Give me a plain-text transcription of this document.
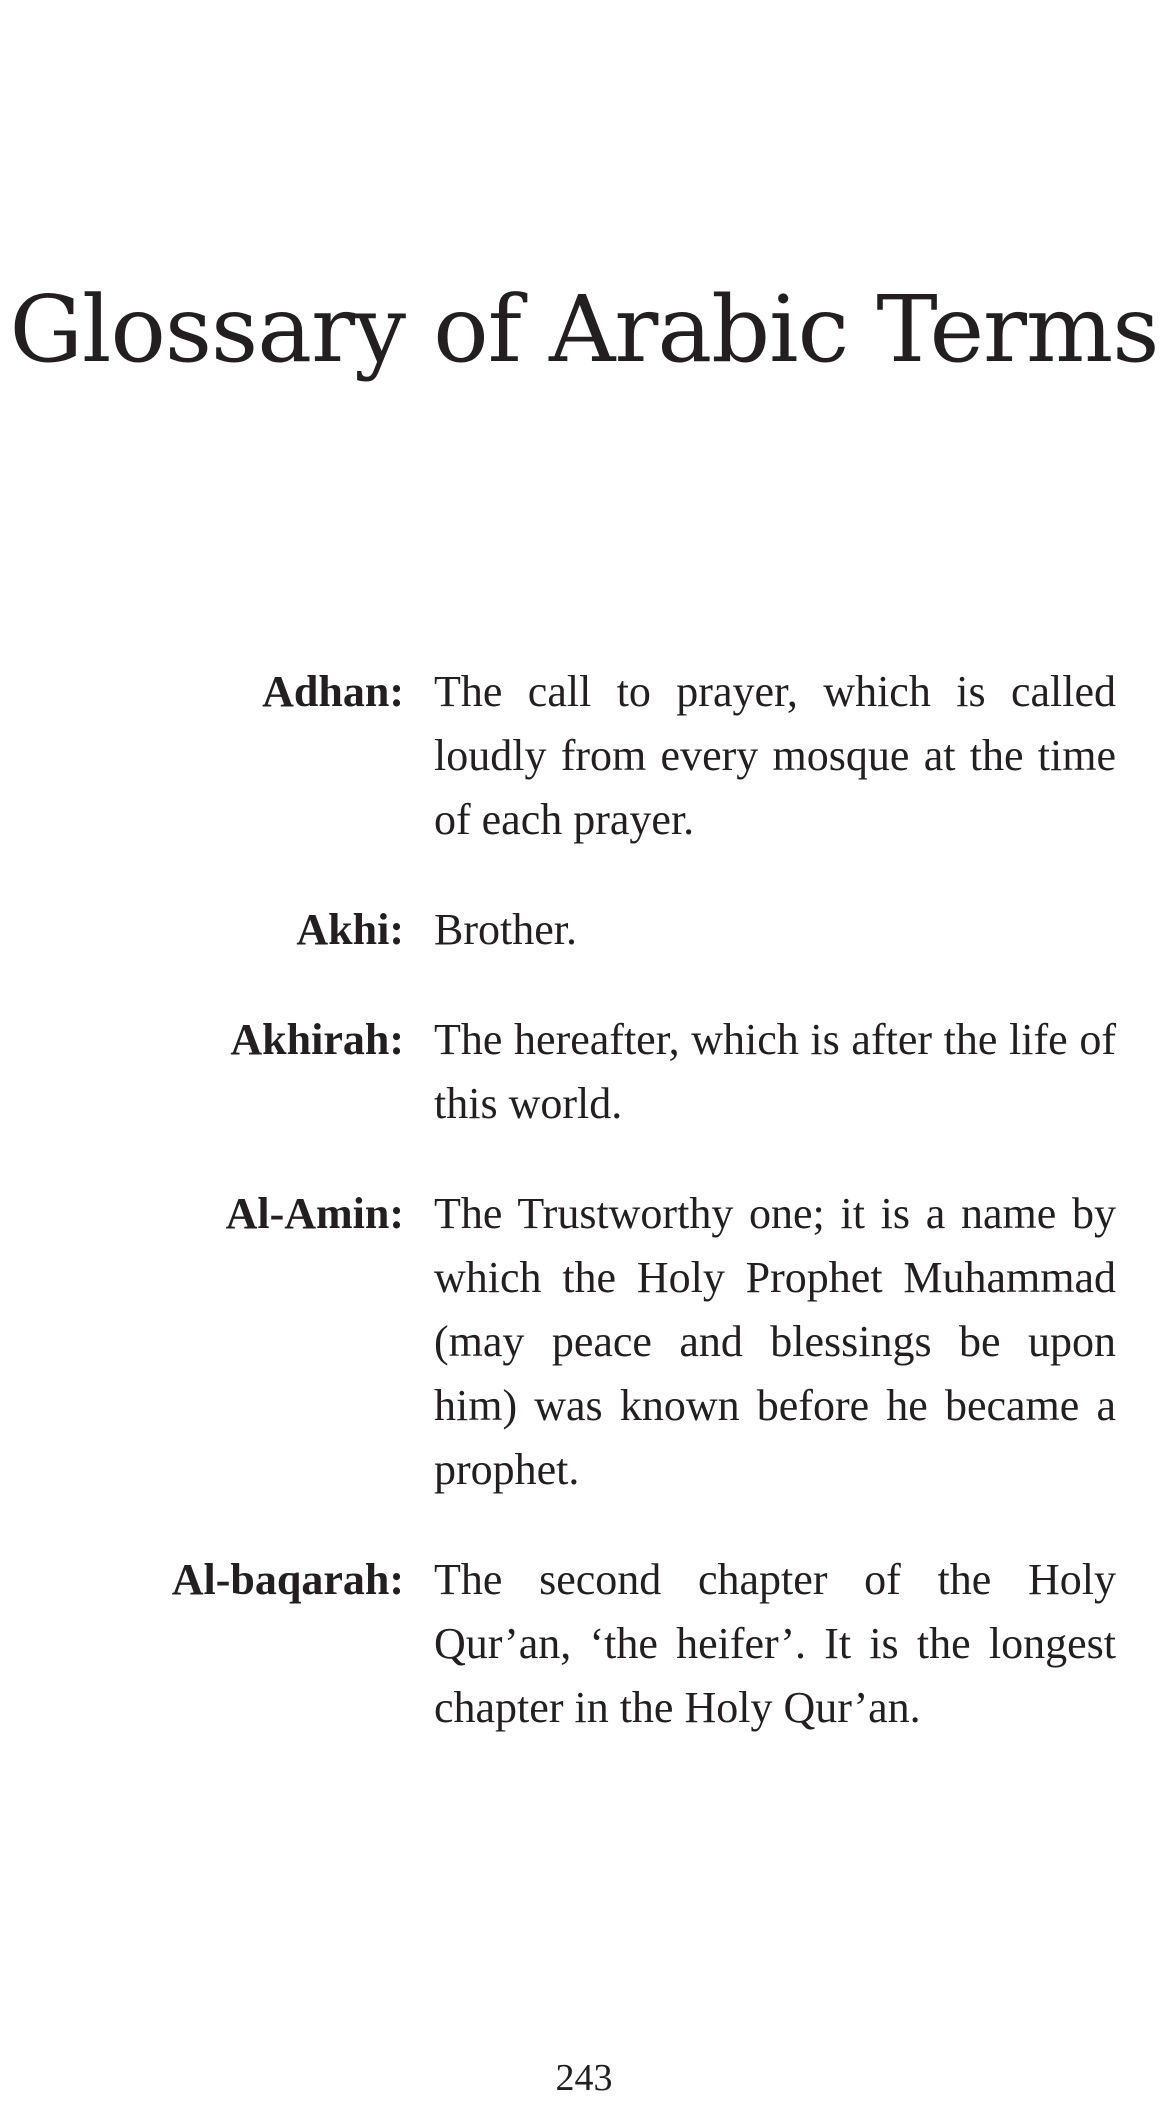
Glossary of Arabic Terms
Adhan: The call to prayer, which is called loudly from every mosque at the time of each prayer.
Akhi: Brother.
Akhirah: The hereafter, which is after the life of this world.
Al-Amin: The Trustworthy one; it is a name by which the Holy Prophet Muhammad (may peace and blessings be upon him) was known before he became a prophet.
Al-baqarah: The second chapter of the Holy Qur’an, ‘the heifer’. It is the longest chapter in the Holy Qur’an.
243
